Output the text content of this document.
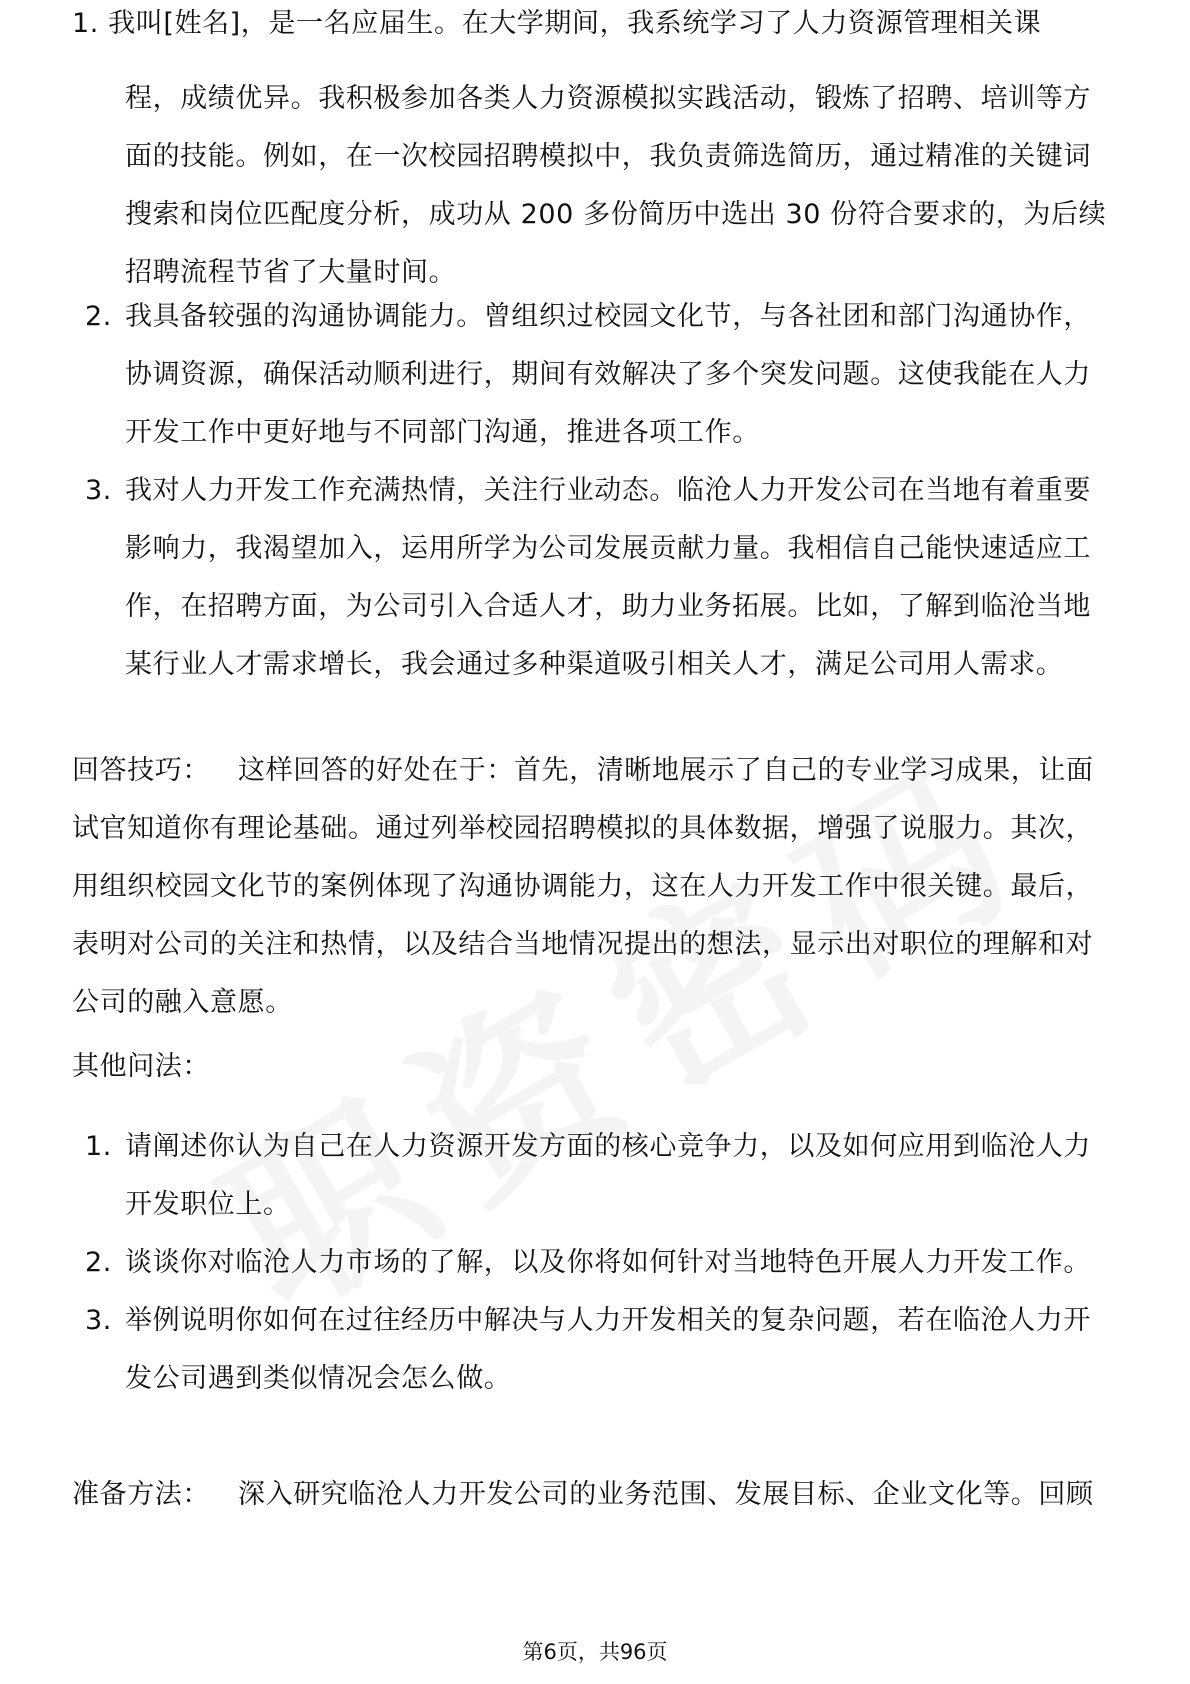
1. 我叫[姓名]，是一名应届生。在大学期间，我系统学习了人力资源管理相关课
程，成绩优异。我积极参加各类人力资源模拟实践活动，锻炼了招聘、培训等方面的技能。例如，在一次校园招聘模拟中，我负责筛选简历，通过精准的关键词搜索和岗位匹配度分析，成功从 200 多份简历中选出 30 份符合要求的，为后续招聘流程节省了大量时间。
2. 我具备较强的沟通协调能力。曾组织过校园文化节，与各社团和部门沟通协作，协调资源，确保活动顺利进行，期间有效解决了多个突发问题。这使我能在人力开发工作中更好地与不同部门沟通，推进各项工作。
3. 我对人力开发工作充满热情，关注行业动态。临沧人力开发公司在当地有着重要影响力，我渴望加入，运用所学为公司发展贡献力量。我相信自己能快速适应工作，在招聘方面，为公司引入合适人才，助力业务拓展。比如，了解到临沧当地某行业人才需求增长，我会通过多种渠道吸引相关人才，满足公司用人需求。
回答技巧： 这样回答的好处在于：首先，清晰地展示了自己的专业学习成果，让面试官知道你有理论基础。通过列举校园招聘模拟的具体数据，增强了说服力。其次，用组织校园文化节的案例体现了沟通协调能力，这在人力开发工作中很关键。最后，表明对公司的关注和热情，以及结合当地情况提出的想法，显示出对职位的理解和对公司的融入意愿。
其他问法：
1. 请阐述你认为自己在人力资源开发方面的核心竞争力，以及如何应用到临沧人力开发职位上。
2. 谈谈你对临沧人力市场的了解，以及你将如何针对当地特色开展人力开发工作。
3. 举例说明你如何在过往经历中解决与人力开发相关的复杂问题，若在临沧人力开发公司遇到类似情况会怎么做。
准备方法： 深入研究临沧人力开发公司的业务范围、发展目标、企业文化等。回顾
第6页，共96页
